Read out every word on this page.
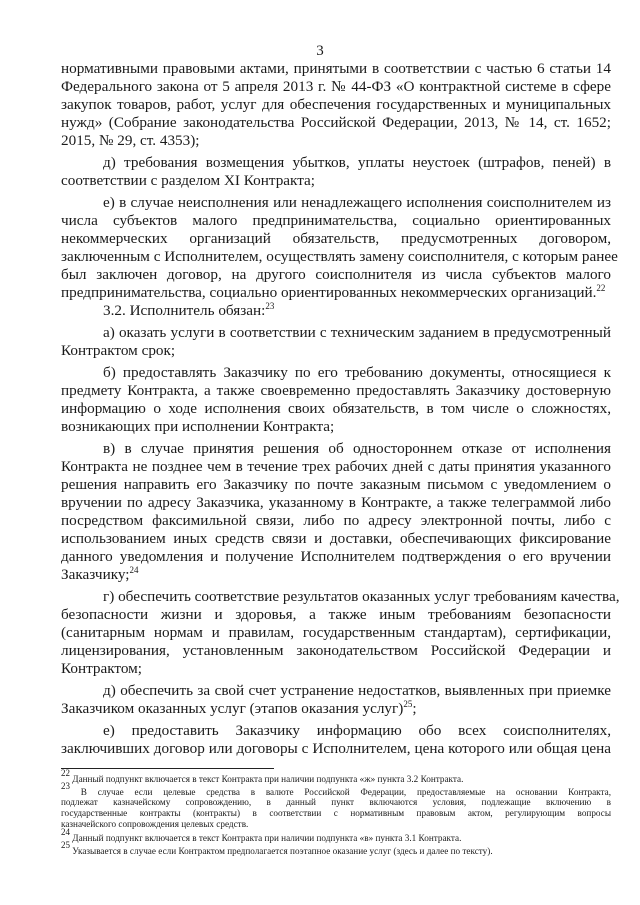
3
нормативными правовыми актами, принятыми в соответствии с частью 6 статьи 14
Федерального закона от 5 апреля 2013 г. № 44-ФЗ «О контрактной системе в сфере
закупок товаров, работ, услуг для обеспечения государственных и муниципальных
нужд» (Собрание законодательства Российской Федерации, 2013, № 14, ст. 1652;
2015, № 29, ст. 4353);
д) требования возмещения убытков, уплаты неустоек (штрафов, пеней) в
соответствии с разделом XI Контракта;
е) в случае неисполнения или ненадлежащего исполнения соисполнителем из
числа субъектов малого предпринимательства, социально ориентированных
некоммерческих организаций обязательств, предусмотренных договором,
заключенным с Исполнителем, осуществлять замену соисполнителя, с которым ранее
был заключен договор, на другого соисполнителя из числа субъектов малого
предпринимательства, социально ориентированных некоммерческих организаций.$^{22}$
3.2. Исполнитель обязан:$^{23}$
а) оказать услуги в соответствии с техническим заданием в предусмотренный
Контрактом срок;
б) предоставлять Заказчику по его требованию документы, относящиеся к
предмету Контракта, а также своевременно предоставлять Заказчику достоверную
информацию о ходе исполнения своих обязательств, в том числе о сложностях,
возникающих при исполнении Контракта;
в) в случае принятия решения об одностороннем отказе от исполнения
Контракта не позднее чем в течение трех рабочих дней с даты принятия указанного
решения направить его Заказчику по почте заказным письмом с уведомлением о
вручении по адресу Заказчика, указанному в Контракте, а также телеграммой либо
посредством факсимильной связи, либо по адресу электронной почты, либо с
использованием иных средств связи и доставки, обеспечивающих фиксирование
данного уведомления и получение Исполнителем подтверждения о его вручении
Заказчику;$^{24}$
г) обеспечить соответствие результатов оказанных услуг требованиям качества,
безопасности жизни и здоровья, а также иным требованиям безопасности
(санитарным нормам и правилам, государственным стандартам), сертификации,
лицензирования, установленным законодательством Российской Федерации и
Контрактом;
д) обеспечить за свой счет устранение недостатков, выявленных при приемке
Заказчиком оказанных услуг (этапов оказания услуг)$^{25}$;
е) предоставить Заказчику информацию обо всех соисполнителях,
заключивших договор или договоры с Исполнителем, цена которого или общая цена
$^{22}$ Данный подпункт включается в текст Контракта при наличии подпункта «ж» пункта 3.2 Контракта.
$^{23}$ В случае если целевые средства в валюте Российской Федерации, предоставляемые на основании Контракта,
подлежат казначейскому сопровождению, в данный пункт включаются условия, подлежащие включению в
государственные контракты (контракты) в соответствии с нормативным правовым актом, регулирующим вопросы
казначейского сопровождения целевых средств.
$^{24}$ Данный подпункт включается в текст Контракта при наличии подпункта «в» пункта 3.1 Контракта.
$^{25}$ Указывается в случае если Контрактом предполагается поэтапное оказание услуг (здесь и далее по тексту).
